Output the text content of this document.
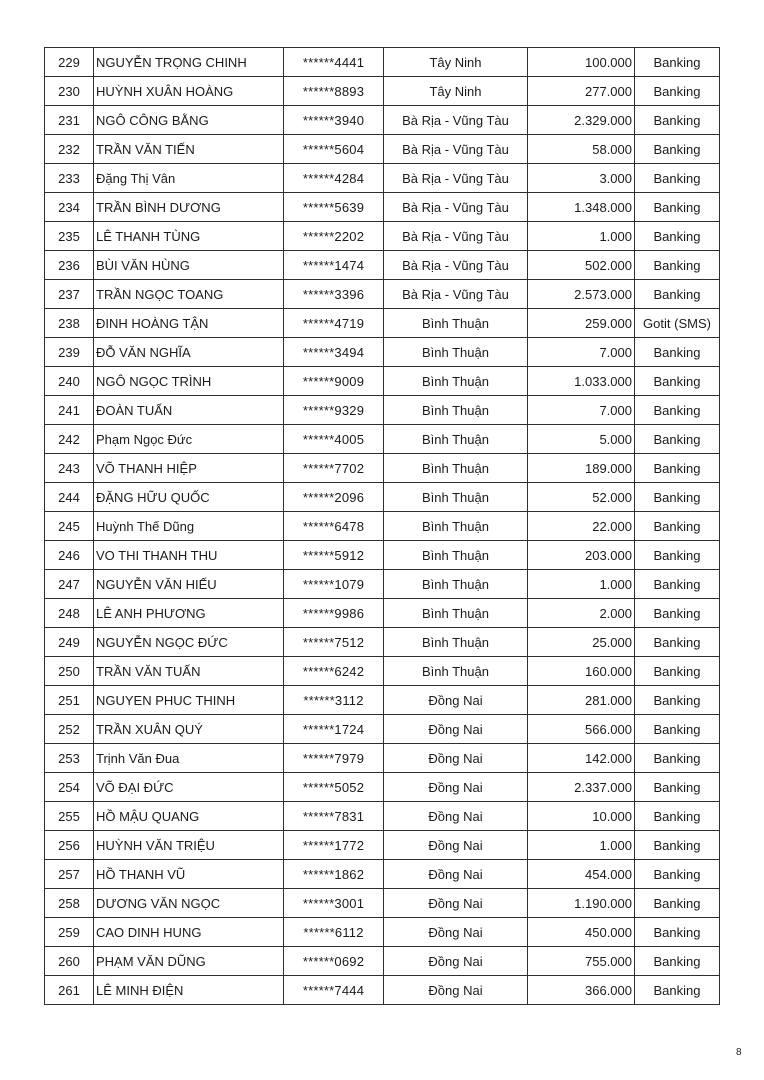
229	NGUYỄN TRỌNG CHINH	******4441	Tây Ninh	100.000	Banking
230	HUỲNH XUÂN HOÀNG	******8893	Tây Ninh	277.000	Banking
231	NGÔ CÔNG BẰNG	******3940	Bà Rịa - Vũng Tàu	2.329.000	Banking
232	TRẦN VĂN TIẾN	******5604	Bà Rịa - Vũng Tàu	58.000	Banking
233	Đặng Thị Vân	******4284	Bà Rịa - Vũng Tàu	3.000	Banking
234	TRẦN BÌNH DƯƠNG	******5639	Bà Rịa - Vũng Tàu	1.348.000	Banking
235	LÊ THANH TÙNG	******2202	Bà Rịa - Vũng Tàu	1.000	Banking
236	BÙI VĂN HÙNG	******1474	Bà Rịa - Vũng Tàu	502.000	Banking
237	TRẦN NGỌC TOANG	******3396	Bà Rịa - Vũng Tàu	2.573.000	Banking
238	ĐINH HOÀNG TẬN	******4719	Bình Thuận	259.000	Gotit (SMS)
239	ĐỖ VĂN NGHĨA	******3494	Bình Thuận	7.000	Banking
240	NGÔ NGỌC TRÌNH	******9009	Bình Thuận	1.033.000	Banking
241	ĐOÀN TUẤN	******9329	Bình Thuận	7.000	Banking
242	Phạm Ngọc Đức	******4005	Bình Thuận	5.000	Banking
243	VÕ THANH HIỆP	******7702	Bình Thuận	189.000	Banking
244	ĐẶNG HỮU QUỐC	******2096	Bình Thuận	52.000	Banking
245	Huỳnh Thế Dũng	******6478	Bình Thuận	22.000	Banking
246	VO THI THANH THU	******5912	Bình Thuận	203.000	Banking
247	NGUYỄN VĂN HIẾU	******1079	Bình Thuận	1.000	Banking
248	LÊ ANH PHƯƠNG	******9986	Bình Thuận	2.000	Banking
249	NGUYỄN NGỌC ĐỨC	******7512	Bình Thuận	25.000	Banking
250	TRẦN VĂN TUẤN	******6242	Bình Thuận	160.000	Banking
251	NGUYEN PHUC THINH	******3112	Đồng Nai	281.000	Banking
252	TRẦN XUÂN QUÝ	******1724	Đồng Nai	566.000	Banking
253	Trịnh Văn Đua	******7979	Đồng Nai	142.000	Banking
254	VÕ ĐẠI ĐỨC	******5052	Đồng Nai	2.337.000	Banking
255	HỒ MẬU QUANG	******7831	Đồng Nai	10.000	Banking
256	HUỲNH VĂN TRIỆU	******1772	Đồng Nai	1.000	Banking
257	HỒ THANH VŨ	******1862	Đồng Nai	454.000	Banking
258	DƯƠNG VĂN NGỌC	******3001	Đồng Nai	1.190.000	Banking
259	CAO DINH HUNG	******6112	Đồng Nai	450.000	Banking
260	PHẠM VĂN DŨNG	******0692	Đồng Nai	755.000	Banking
261	LÊ MINH ĐIỆN	******7444	Đồng Nai	366.000	Banking
8
